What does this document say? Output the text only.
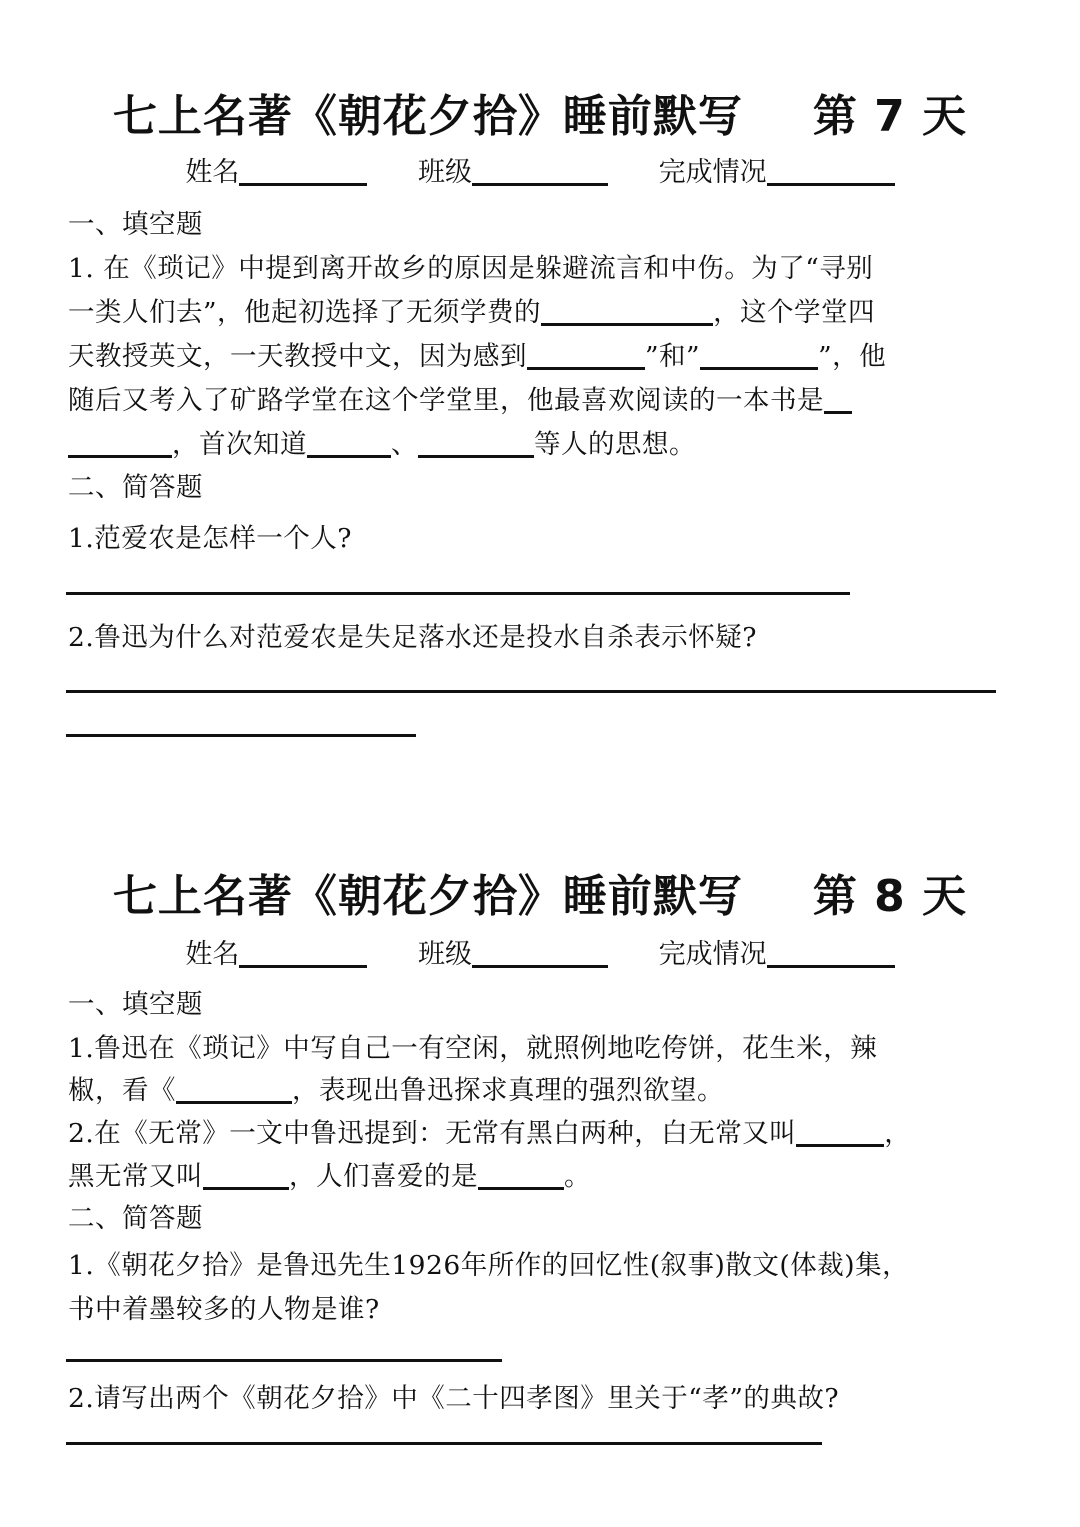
七上名著《朝花夕拾》睡前默写 第 7 天
姓名	班级	完成情况
一、填空题
1. 在《琐记》中提到离开故乡的原因是躲避流言和中伤。为了“寻别
一类人们去”，他起初选择了无须学费的	，这个学堂四
天教授英文，一天教授中文，因为感到	”和”	”，他
随后又考入了矿路学堂在这个学堂里，他最喜欢阅读的一本书是
，首次知道	、	等人的思想。
二、简答题
1.范爱农是怎样一个人?
2.鲁迅为什么对范爱农是失足落水还是投水自杀表示怀疑?
七上名著《朝花夕拾》睡前默写 第 8 天
姓名	班级	完成情况
一、填空题
1.鲁迅在《琐记》中写自己一有空闲，就照例地吃侉饼，花生米，辣
椒，看《	，表现出鲁迅探求真理的强烈欲望。
2.在《无常》一文中鲁迅提到：无常有黑白两种，白无常又叫	，
黑无常又叫	，人们喜爱的是	。
二、简答题
1.《朝花夕拾》是鲁迅先生1926年所作的回忆性(叙事)散文(体裁)集，
书中着墨较多的人物是谁?
2.请写出两个《朝花夕拾》中《二十四孝图》里关于“孝”的典故?
